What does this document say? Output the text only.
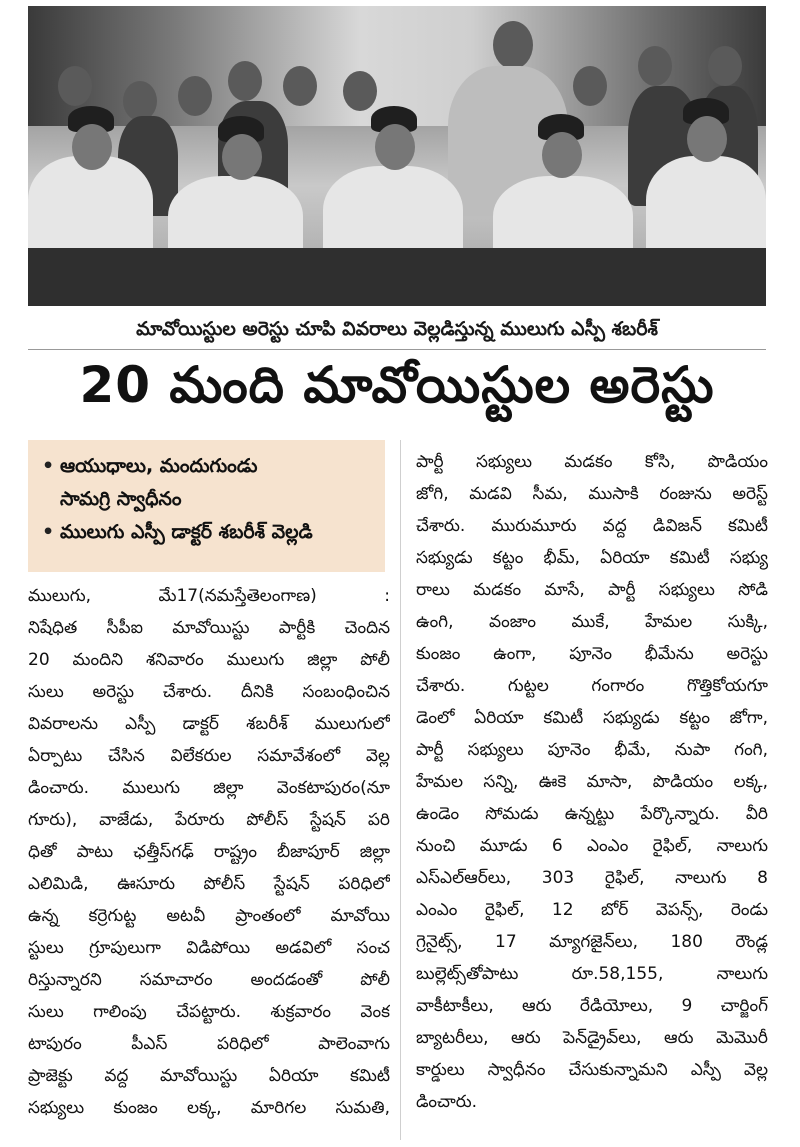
మావోయిస్టుల అరెస్టు చూపి వివరాలు వెల్లడిస్తున్న ములుగు ఎస్పీ శబరీశ్
20 మంది మావోయిస్టుల అరెస్టు
• ఆయుధాలు, మందుగుండు
సామగ్రి స్వాధీనం
• ములుగు ఎస్పీ డాక్టర్ శబరీశ్ వెల్లడి
ములుగు, మే17(నమస్తేతెలంగాణ) :
నిషేధిత సీపీఐ మావోయిస్టు పార్టీకి చెందిన
20 మందిని శనివారం ములుగు జిల్లా పోలీ
సులు అరెస్టు చేశారు. దీనికి సంబంధించిన
వివరాలను ఎస్పీ డాక్టర్ శబరీశ్ ములుగులో
ఏర్పాటు చేసిన విలేకరుల సమావేశంలో వెల్ల
డించారు. ములుగు జిల్లా వెంకటాపురం(నూ
గూరు), వాజేడు, పేరూరు పోలీస్ స్టేషన్ పరి
ధితో పాటు ఛత్తీస్‌గఢ్ రాష్ట్రం బీజాపూర్ జిల్లా
ఎలిమిడి, ఊసూరు పోలీస్ స్టేషన్ పరిధిలో
ఉన్న కర్రెగుట్ట అటవీ ప్రాంతంలో మావోయి
స్టులు గ్రూపులుగా విడిపోయి అడవిలో సంచ
రిస్తున్నారని సమాచారం అందడంతో పోలీ
సులు గాలింపు చేపట్టారు. శుక్రవారం వెంక
టాపురం పీఎస్ పరిధిలో పాలెంవాగు
ప్రాజెక్టు వద్ద మావోయిస్టు ఏరియా కమిటీ
సభ్యులు కుంజం లక్క, మారిగల సుమతి,
పార్టీ సభ్యులు మడకం కోసి, పొడియం
జోగి, మడవి సీమ, ముసాకి రంజును అరెస్ట్
చేశారు. మురుమూరు వద్ద డివిజన్ కమిటీ
సభ్యుడు కట్టం భీమ్, ఏరియా కమిటీ సభ్యు
రాలు మడకం మాసే, పార్టీ సభ్యులు సోడి
ఉంగి, వంజాం ముకే, హేమల సుక్కి,
కుంజం ఉంగా, పూనెం భీమేను అరెస్టు
చేశారు. గుట్టల గంగారం గొత్తికోయగూ
డెంలో ఏరియా కమిటీ సభ్యుడు కట్టం జోగా,
పార్టీ సభ్యులు పూనెం భీమే, నుపా గంగి,
హేమల సన్ని, ఊకె మాసా, పొడియం లక్క,
ఉండెం సోమడు ఉన్నట్టు పేర్కొన్నారు. వీరి
నుంచి మూడు 6 ఎంఎం రైఫిల్, నాలుగు
ఎస్ఎల్ఆర్‌లు, 303 రైఫిల్, నాలుగు 8
ఎంఎం రైఫిల్, 12 బోర్ వెపన్స్, రెండు
గ్రెనైట్స్, 17 మ్యాగజైన్‌లు, 180 రౌండ్ల
బుల్లెట్స్‌తోపాటు రూ.58,155, నాలుగు
వాకీటాకీలు, ఆరు రేడియోలు, 9 చార్జింగ్
బ్యాటరీలు, ఆరు పెన్‌డ్రైవ్‌లు, ఆరు మెమొరీ
కార్డులు స్వాధీనం చేసుకున్నామని ఎస్పీ వెల్ల
డించారు.
